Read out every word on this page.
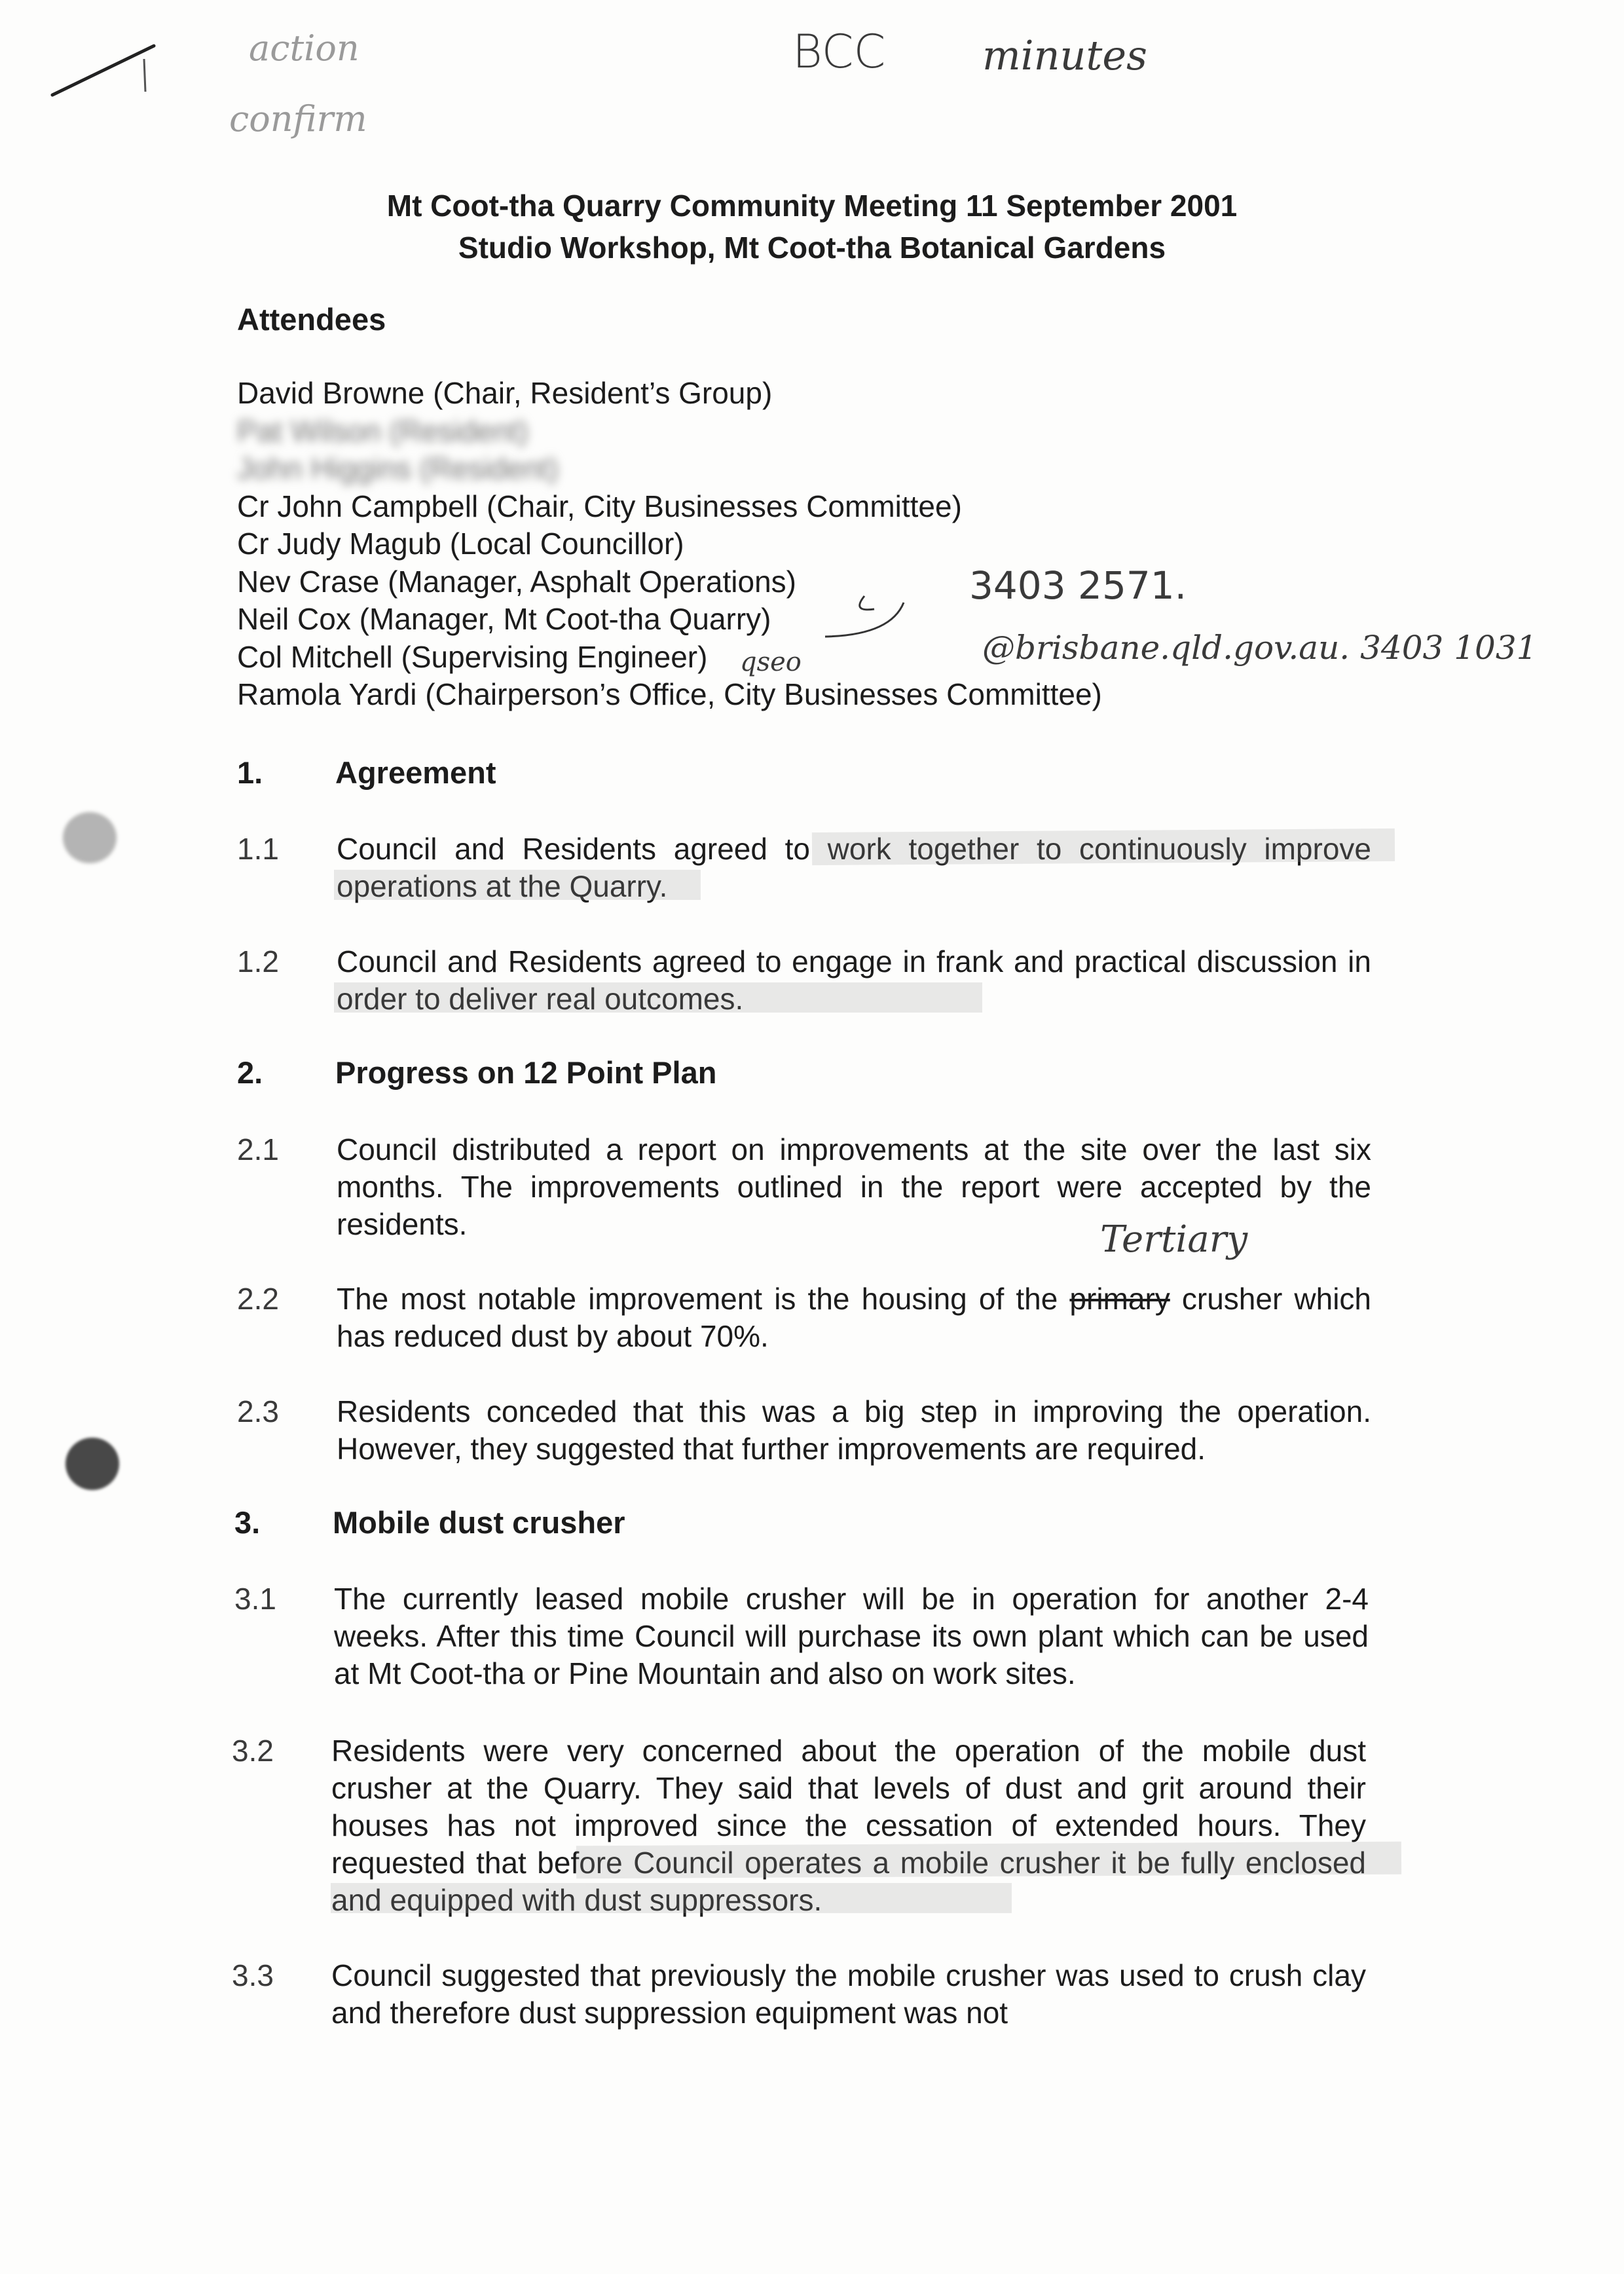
action
confirm
BCC minutes
Mt Coot-tha Quarry Community Meeting 11 September 2001
Studio Workshop, Mt Coot-tha Botanical Gardens
Attendees
David Browne (Chair, Resident’s Group)
Pat Wilson (Resident)
John Higgins (Resident)
Cr John Campbell (Chair, City Businesses Committee)
Cr Judy Magub (Local Councillor)
Nev Crase (Manager, Asphalt Operations)
Neil Cox (Manager, Mt Coot-tha Quarry)
Col Mitchell (Supervising Engineer)
Ramola Yardi (Chairperson’s Office, City Businesses Committee)
3403 2571.
@brisbane.qld.gov.au. 3403 1031
qseo
1. Agreement
1.1 Council and Residents agreed to work together to continuously improve operations at the Quarry.
1.2 Council and Residents agreed to engage in frank and practical discussion in order to deliver real outcomes.
2. Progress on 12 Point Plan
2.1 Council distributed a report on improvements at the site over the last six months. The improvements outlined in the report were accepted by the residents.	Tertiary
2.2 The most notable improvement is the housing of the primary crusher which has reduced dust by about 70%.
2.3 Residents conceded that this was a big step in improving the operation. However, they suggested that further improvements are required.
3. Mobile dust crusher
3.1 The currently leased mobile crusher will be in operation for another 2-4 weeks. After this time Council will purchase its own plant which can be used at Mt Coot-tha or Pine Mountain and also on work sites.
3.2 Residents were very concerned about the operation of the mobile dust crusher at the Quarry. They said that levels of dust and grit around their houses has not improved since the cessation of extended hours. They requested that before Council operates a mobile crusher it be fully enclosed and equipped with dust suppressors.
3.3 Council suggested that previously the mobile crusher was used to crush clay and therefore dust suppression equipment was not
